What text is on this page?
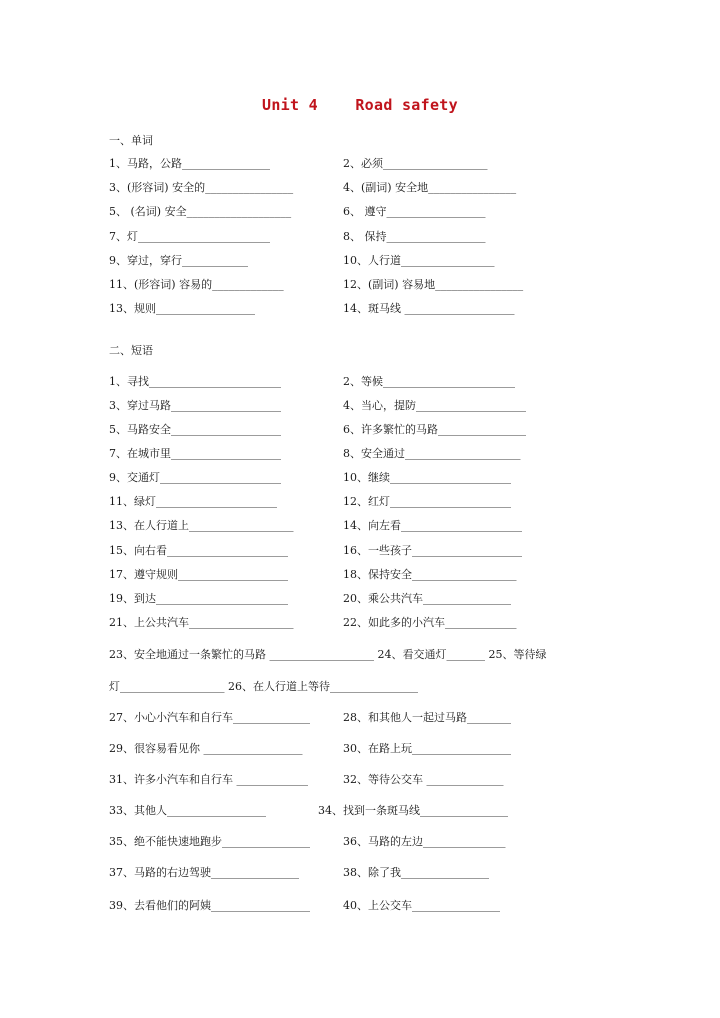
Unit 4    Road safety
一、单词
1、马路，公路________________	2、必须___________________
3、(形容词) 安全的________________	4、(副词) 安全地________________
5、 (名词) 安全___________________	6、 遵守__________________
7、灯________________________	8、 保持__________________
9、穿过，穿行____________	10、人行道_________________
11、(形容词) 容易的_____________	12、(副词) 容易地________________
13、规则__________________	14、斑马线 ____________________
二、短语
1、寻找________________________	2、等候________________________
3、穿过马路____________________	4、当心，提防____________________
5、马路安全____________________	6、许多繁忙的马路________________
7、在城市里____________________	8、安全通过_____________________
9、交通灯______________________	10、继续______________________
11、绿灯______________________	12、红灯______________________
13、在人行道上___________________	14、向左看______________________
15、向右看______________________	16、一些孩子____________________
17、遵守规则____________________	18、保持安全___________________
19、到达________________________	20、乘公共汽车________________
21、上公共汽车___________________	22、如此多的小汽车_____________
23、安全地通过一条繁忙的马路 ___________________ 24、看交通灯_______ 25、等待绿
灯___________________ 26、在人行道上等待________________
27、小心小汽车和自行车______________	28、和其他人一起过马路________
29、很容易看见你 __________________	30、在路上玩__________________
31、许多小汽车和自行车 _____________	32、等待公交车 ______________
33、其他人__________________	34、找到一条斑马线________________
35、绝不能快速地跑步________________	36、马路的左边_______________
37、马路的右边驾驶________________	38、除了我________________
39、去看他们的阿姨__________________	40、上公交车________________
